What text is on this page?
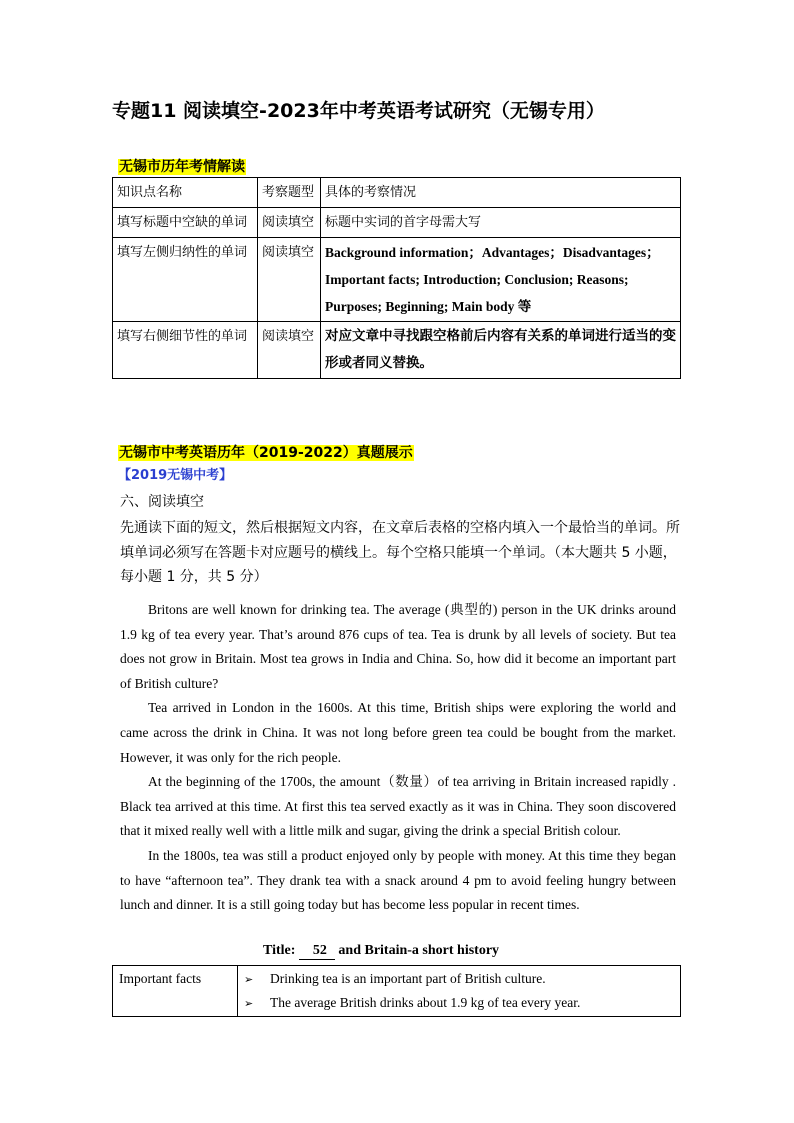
专题11 阅读填空-2023年中考英语考试研究（无锡专用）
无锡市历年考情解读
知识点名称	考察题型	具体的考察情况
填写标题中空缺的单词	阅读填空	标题中实词的首字母需大写
填写左侧归纳性的单词	阅读填空	Background information；Advantages；Disadvantages；Important facts; Introduction; Conclusion; Reasons; Purposes; Beginning; Main body 等
填写右侧细节性的单词	阅读填空	对应文章中寻找跟空格前后内容有关系的单词进行适当的变形或者同义替换。
无锡市中考英语历年（2019-2022）真题展示
【2019无锡中考】
六、阅读填空
先通读下面的短文，然后根据短文内容，在文章后表格的空格内填入一个最恰当的单词。所填单词必须写在答题卡对应题号的横线上。每个空格只能填一个单词。（本大题共 5 小题，每小题 1 分，共 5 分）

Britons are well known for drinking tea. The average (典型的) person in the UK drinks around 1.9 kg of tea every year. That’s around 876 cups of tea. Tea is drunk by all levels of society. But tea does not grow in Britain. Most tea grows in India and China. So, how did it become an important part of British culture?

Tea arrived in London in the 1600s. At this time, British ships were exploring the world and came across the drink in China. It was not long before green tea could be bought from the market. However, it was only for the rich people.

At the beginning of the 1700s, the amount（数量）of tea arriving in Britain increased rapidly . Black tea arrived at this time. At first this tea served exactly as it was in China. They soon discovered that it mixed really well with a little milk and sugar, giving the drink a special British colour.

In the 1800s, tea was still a product enjoyed only by people with money. At this time they began to have “afternoon tea”. They drank tea with a snack around 4 pm to avoid feeling hungry between lunch and dinner. It is a still going today but has become less popular in recent times.

Title: 52 and Britain-a short history
Important facts	➢ Drinking tea is an important part of British culture.
➢ The average British drinks about 1.9 kg of tea every year.
